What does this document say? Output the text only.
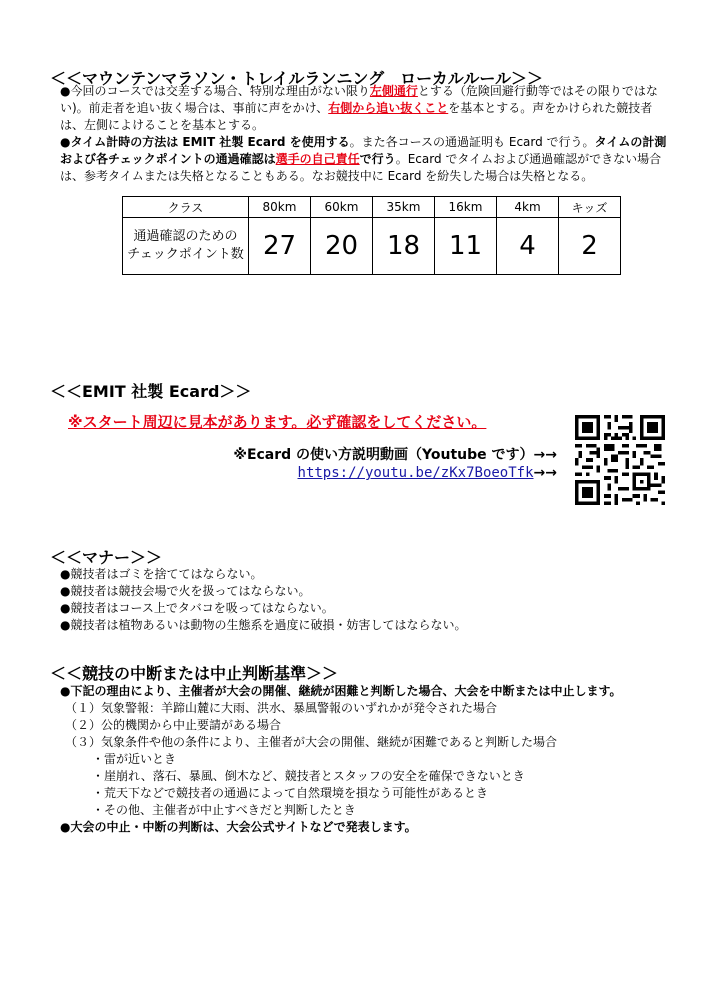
＜＜マウンテンマラソン・トレイルランニング　ローカルルール＞＞
●今回のコースでは交差する場合、特別な理由がない限り左側通行とする（危険回避行動等ではその限りではない)。前走者を追い抜く場合は、事前に声をかけ、右側から追い抜くことを基本とする。声をかけられた競技者は、左側によけることを基本とする。
●タイム計時の方法は EMIT 社製 Ecard を使用する。また各コースの通過証明も Ecard で行う。タイムの計測および各チェックポイントの通過確認は選手の自己責任で行う。Ecard でタイムおよび通過確認ができない場合は、参考タイムまたは失格となることもある。なお競技中に Ecard を紛失した場合は失格となる。
クラス	80km	60km	35km	16km	4km	キッズ

通過確認のための
チェックポイント数	27	20	18	11	4	2
＜＜EMIT 社製 Ecard＞＞
※スタート周辺に見本があります。必ず確認をしてください。
※Ecard の使い方説明動画（Youtube です）→→
https://youtu.be/zKx7BoeoTfk→→
＜＜マナー＞＞
●競技者はゴミを捨ててはならない。
●競技者は競技会場で火を扱ってはならない。
●競技者はコース上でタバコを吸ってはならない。
●競技者は植物あるいは動物の生態系を過度に破損・妨害してはならない。
＜＜競技の中断または中止判断基準＞＞
●下記の理由により、主催者が大会の開催、継続が困難と判断した場合、大会を中断または中止します。
（１）気象警報：羊蹄山麓に大雨、洪水、暴風警報のいずれかが発令された場合
（２）公的機関から中止要請がある場合
（３）気象条件や他の条件により、主催者が大会の開催、継続が困難であると判断した場合
・雷が近いとき
・崖崩れ、落石、暴風、倒木など、競技者とスタッフの安全を確保できないとき
・荒天下などで競技者の通過によって自然環境を損なう可能性があるとき
・その他、主催者が中止すべきだと判断したとき
●大会の中止・中断の判断は、大会公式サイトなどで発表します。
